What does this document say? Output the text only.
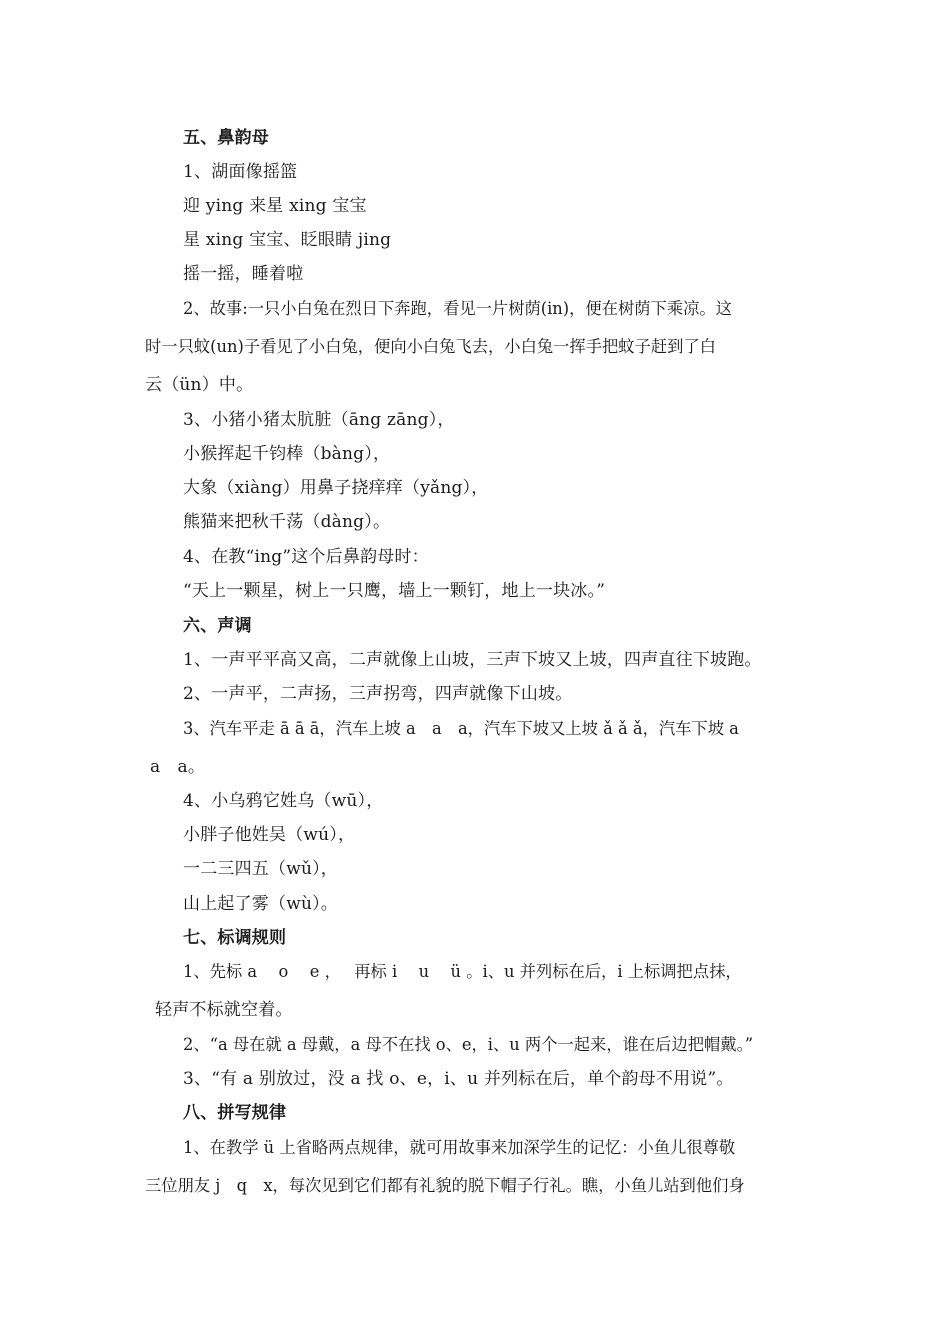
五、鼻韵母
1、湖面像摇篮
迎 ying 来星 xing 宝宝
星 xing 宝宝、眨眼睛 jing
摇一摇，睡着啦
2、故事:一只小白兔在烈日下奔跑，看见一片树荫(in)，便在树荫下乘凉。这
时一只蚊(un)子看见了小白兔，便向小白兔飞去，小白兔一挥手把蚊子赶到了白
云（ün）中。
3、小猪小猪太肮脏（āng zāng），
小猴挥起千钧棒（bàng），
大象（xiàng）用鼻子挠痒痒（yǎng），
熊猫来把秋千荡（dàng）。
4、在教“ing”这个后鼻韵母时：
“天上一颗星，树上一只鹰，墙上一颗钉，地上一块冰。”
六、声调
1、一声平平高又高，二声就像上山坡，三声下坡又上坡，四声直往下坡跑。
2、一声平，二声扬，三声拐弯，四声就像下山坡。
3、汽车平走 ā ā ā，汽车上坡 a　a　a，汽车下坡又上坡 ǎ ǎ ǎ，汽车下坡 a
a　a。
4、小乌鸦它姓乌（wū），
小胖子他姓吴（wú），
一二三四五（wǔ），
山上起了雾（wù）。
七、标调规则
1、先标 a　 o　 e ，　 再标 i　 u　 ü 。i、u 并列标在后，i 上标调把点抹，
轻声不标就空着。
2、“a 母在就 a 母戴，a 母不在找 o、e，i、u 两个一起来，谁在后边把帽戴。”
3、“有 a 别放过，没 a 找 o、e，i、u 并列标在后，单个韵母不用说”。
八、拼写规律
1、在教学 ü 上省略两点规律，就可用故事来加深学生的记忆：小鱼儿很尊敬
三位朋友 j　q　x，每次见到它们都有礼貌的脱下帽子行礼。瞧，小鱼儿站到他们身
